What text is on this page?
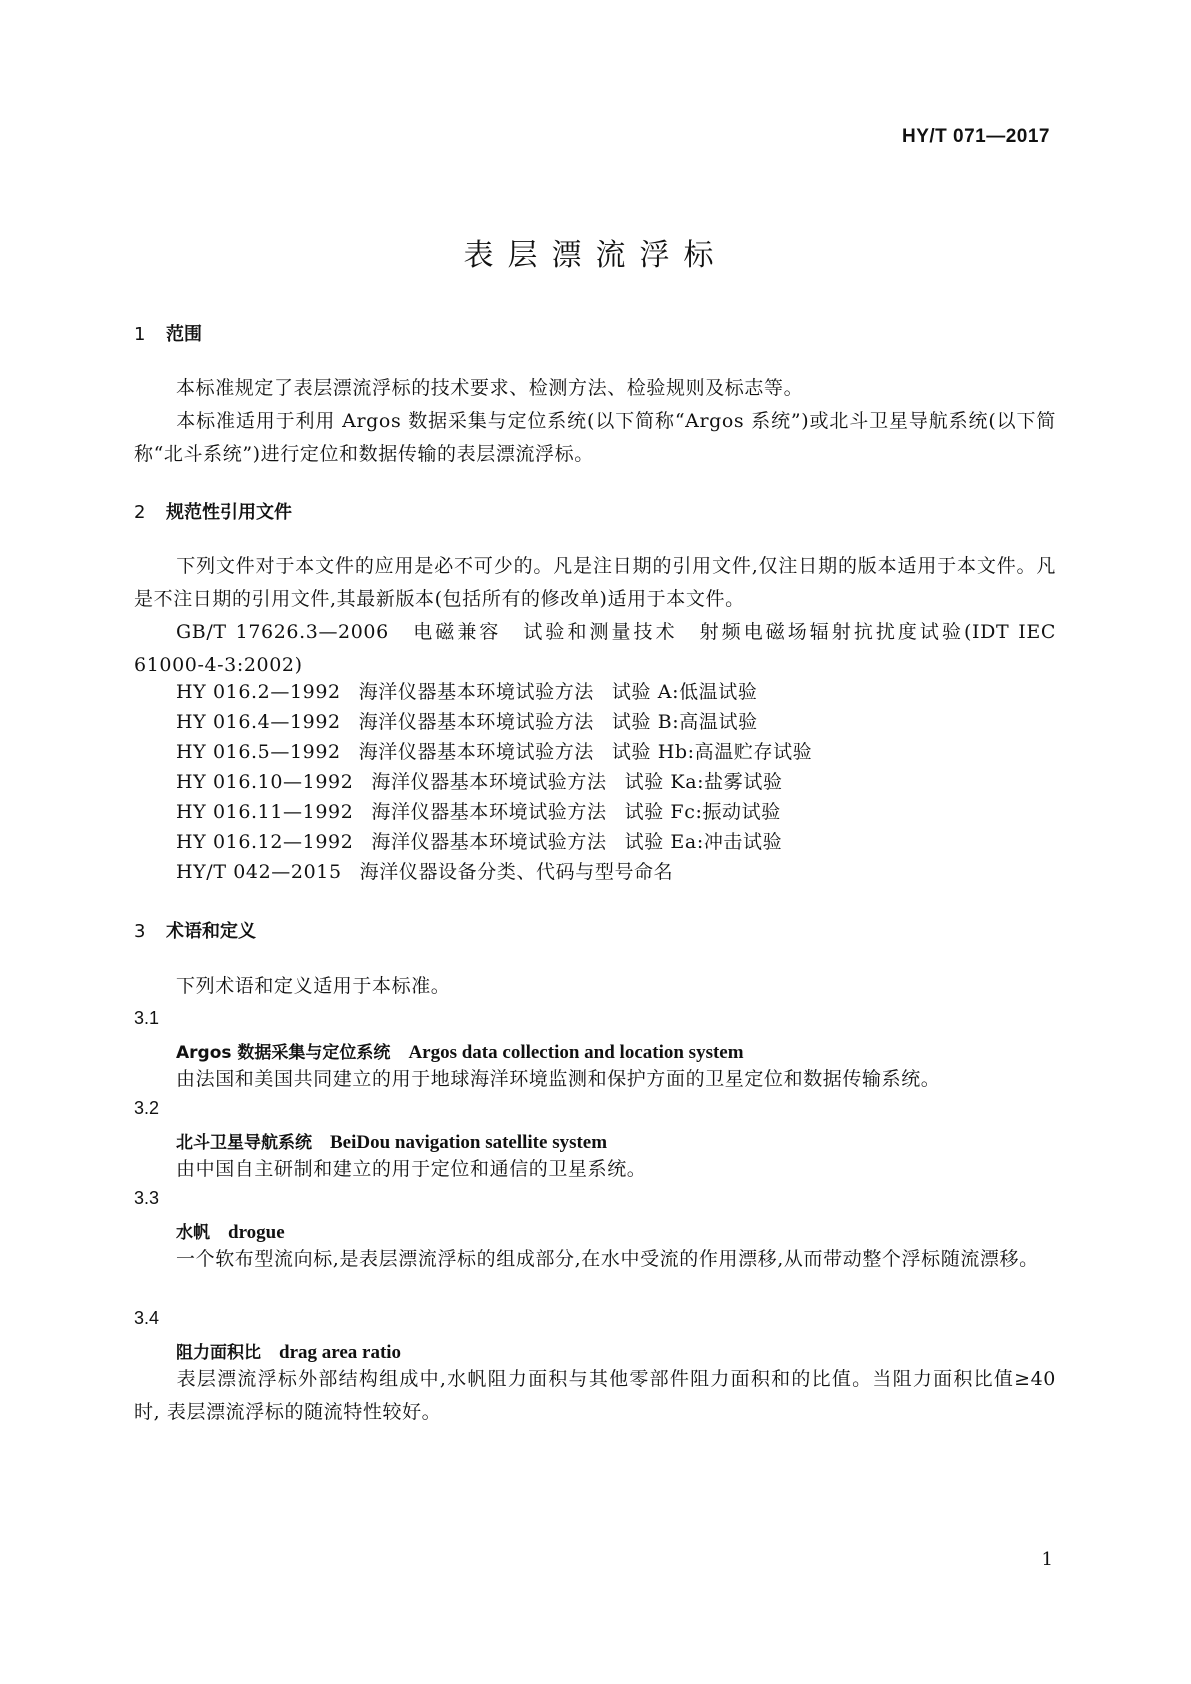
HY/T 071—2017
表层漂流浮标
1 范围
本标准规定了表层漂流浮标的技术要求、检测方法、检验规则及标志等。
本标准适用于利用 Argos 数据采集与定位系统(以下简称“Argos 系统”)或北斗卫星导航系统(以下简称“北斗系统”)进行定位和数据传输的表层漂流浮标。
2 规范性引用文件
下列文件对于本文件的应用是必不可少的。凡是注日期的引用文件,仅注日期的版本适用于本文件。凡是不注日期的引用文件,其最新版本(包括所有的修改单)适用于本文件。
GB/T 17626.3—2006　电磁兼容　试验和测量技术　射频电磁场辐射抗扰度试验(IDT IEC 61000-4-3:2002)
HY 016.2—1992 海洋仪器基本环境试验方法 试验 A:低温试验
HY 016.4—1992 海洋仪器基本环境试验方法 试验 B:高温试验
HY 016.5—1992 海洋仪器基本环境试验方法 试验 Hb:高温贮存试验
HY 016.10—1992 海洋仪器基本环境试验方法 试验 Ka:盐雾试验
HY 016.11—1992 海洋仪器基本环境试验方法 试验 Fc:振动试验
HY 016.12—1992 海洋仪器基本环境试验方法 试验 Ea:冲击试验
HY/T 042—2015 海洋仪器设备分类、代码与型号命名
3 术语和定义
下列术语和定义适用于本标准。
3.1
Argos 数据采集与定位系统 Argos data collection and location system
由法国和美国共同建立的用于地球海洋环境监测和保护方面的卫星定位和数据传输系统。
3.2
北斗卫星导航系统 BeiDou navigation satellite system
由中国自主研制和建立的用于定位和通信的卫星系统。
3.3
水帆 drogue
一个软布型流向标,是表层漂流浮标的组成部分,在水中受流的作用漂移,从而带动整个浮标随流漂移。
3.4
阻力面积比 drag area ratio
表层漂流浮标外部结构组成中,水帆阻力面积与其他零部件阻力面积和的比值。当阻力面积比值≥40 时, 表层漂流浮标的随流特性较好。
1
